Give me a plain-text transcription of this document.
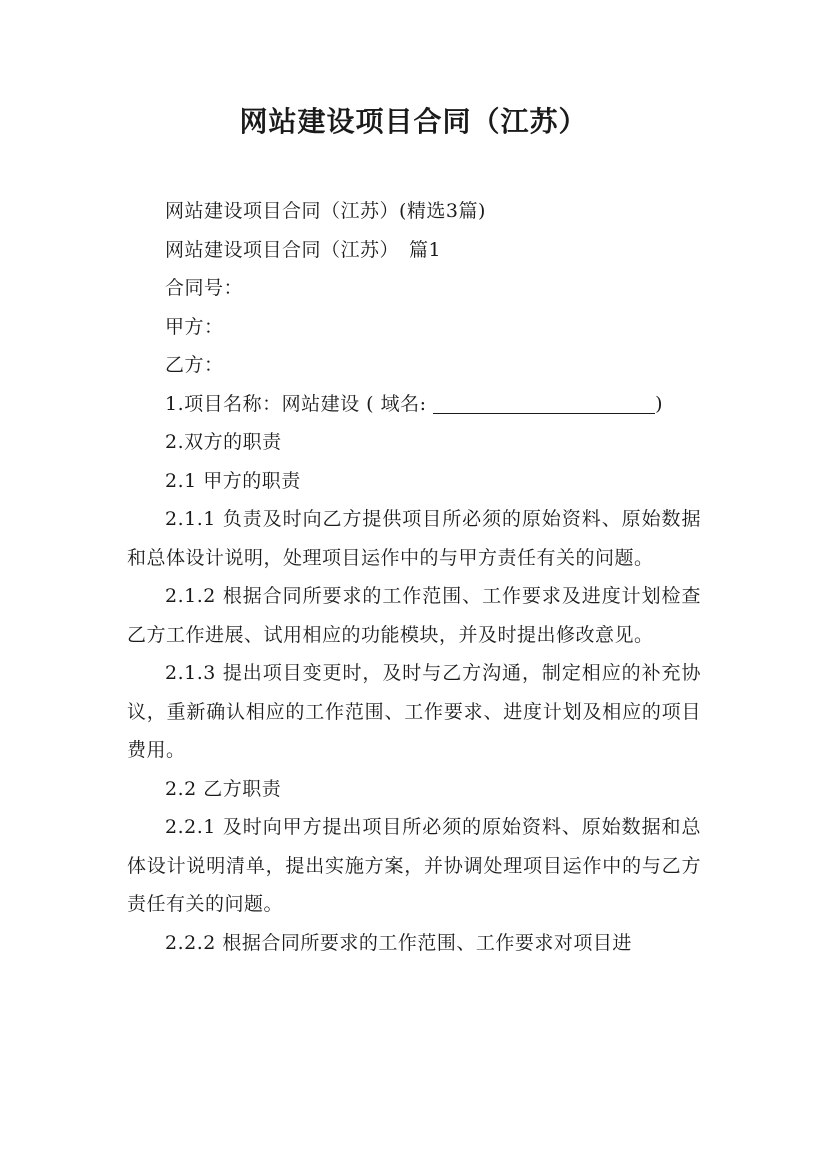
网站建设项目合同（江苏）

网站建设项目合同（江苏）(精选3篇)

网站建设项目合同（江苏）　篇1

合同号：

甲方：

乙方：

1.项目名称：网站建设 ( 域名:	)

2.双方的职责

2.1 甲方的职责

2.1.1 负责及时向乙方提供项目所必须的原始资料、原始数据和总体设计说明，处理项目运作中的与甲方责任有关的问题。

2.1.2 根据合同所要求的工作范围、工作要求及进度计划检查乙方工作进展、试用相应的功能模块，并及时提出修改意见。

2.1.3 提出项目变更时，及时与乙方沟通，制定相应的补充协议，重新确认相应的工作范围、工作要求、进度计划及相应的项目费用。

2.2 乙方职责

2.2.1 及时向甲方提出项目所必须的原始资料、原始数据和总体设计说明清单，提出实施方案，并协调处理项目运作中的与乙方责任有关的问题。

2.2.2 根据合同所要求的工作范围、工作要求对项目进
